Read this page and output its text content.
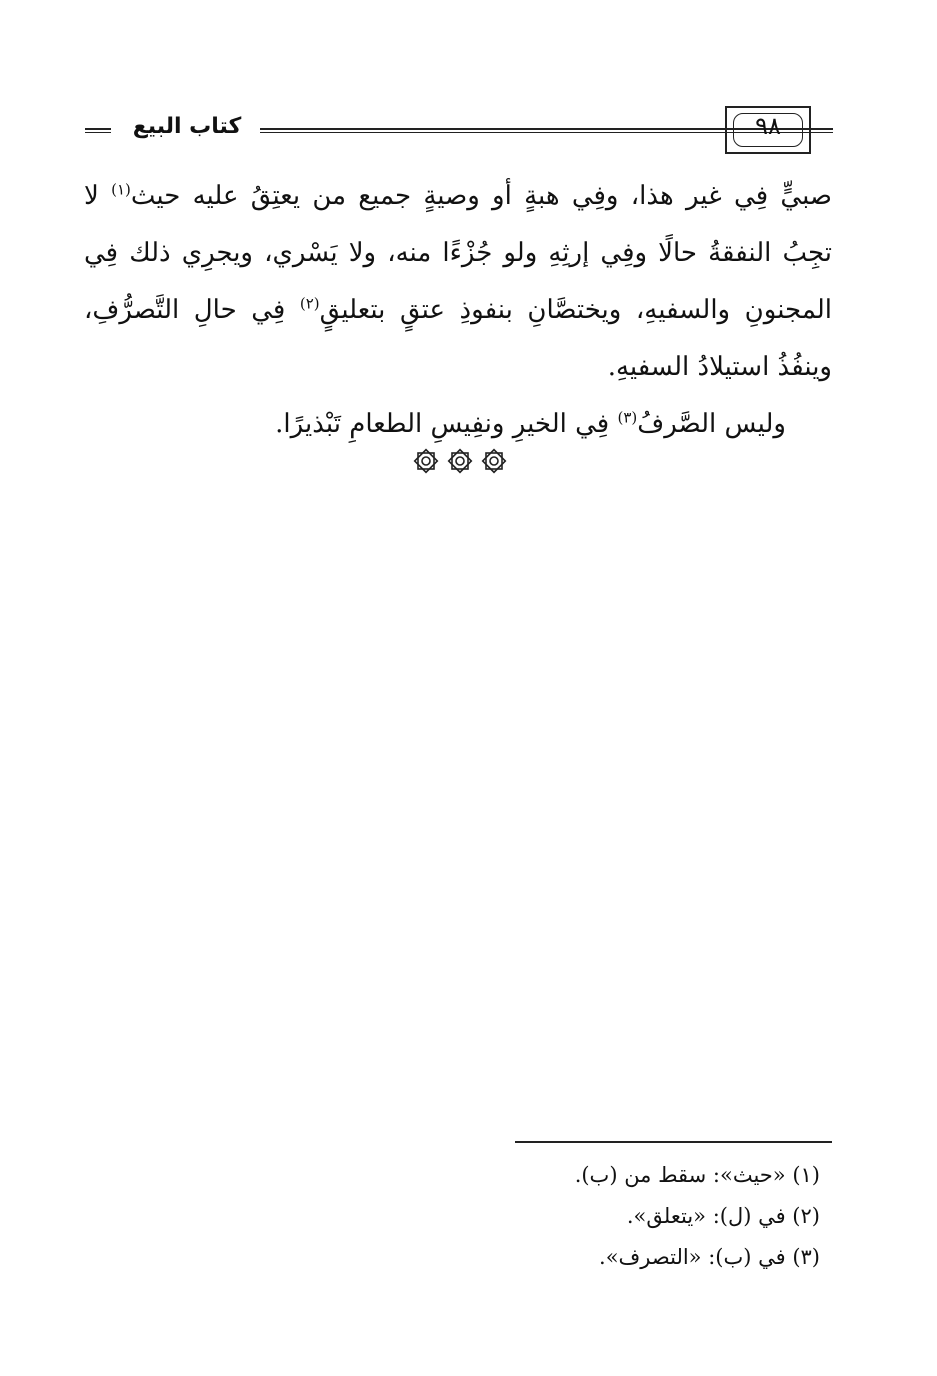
كتاب البيع	٩٨

صبيٍّ فِي غير هذا، وفِي هبةٍ أو وصيةٍ جميع من يعتِقُ عليه حيث$^{(١)}$ لا تجِبُ النفقةُ حالًا وفِي إرثِهِ ولو جُزْءًا منه، ولا يَسْري، ويجرِي ذلك فِي المجنونِ والسفيهِ، ويختصَّانِ بنفوذِ عتقٍ بتعليقٍ$^{(٢)}$ فِي حالِ التَّصرُّفِ، وينفُذُ استيلادُ السفيهِ.

وليس الصَّرفُ$^{(٣)}$ فِي الخيرِ ونفِيسِ الطعامِ تَبْذيرًا.

(١) «حيث»: سقط من (ب).
(٢) في (ل): «يتعلق».
(٣) في (ب): «التصرف».
